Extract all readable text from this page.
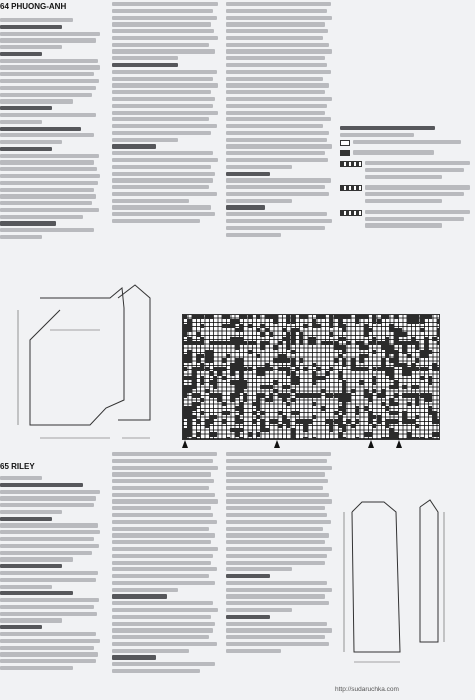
64 PHUONG-ANH
65 RILEY
http://sudaruchka.com
